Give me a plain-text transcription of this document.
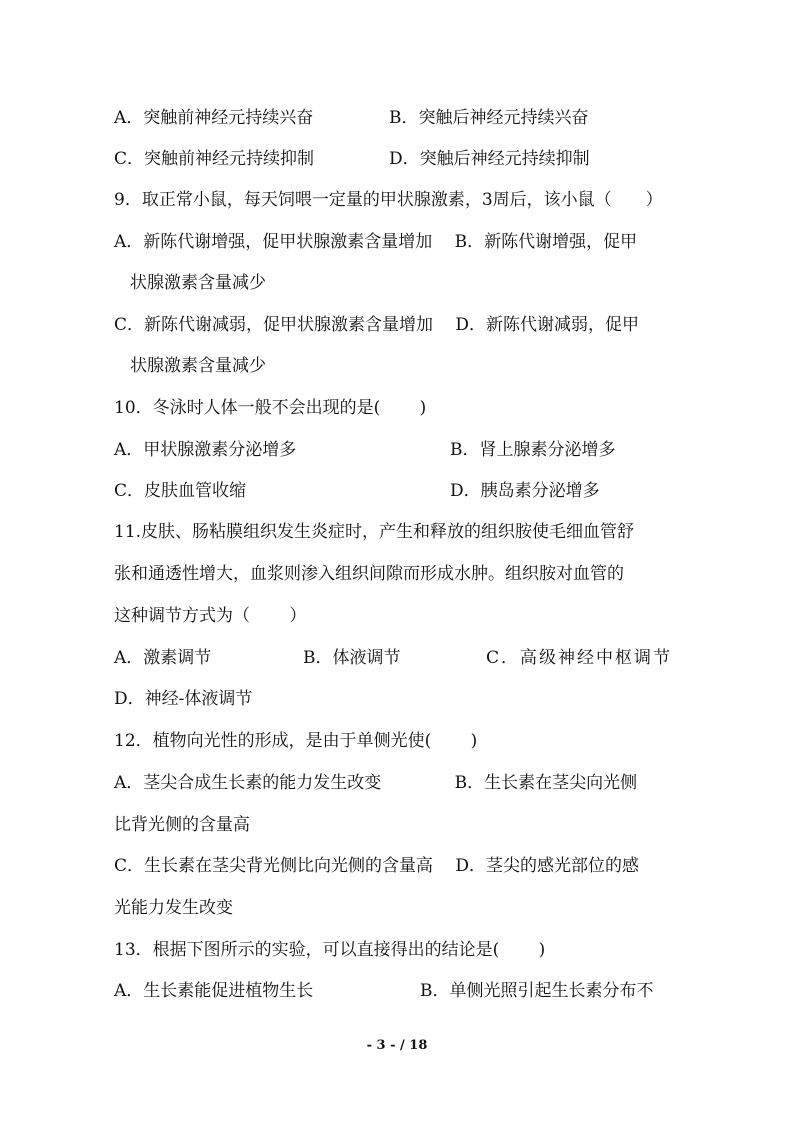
A．突触前神经元持续兴奋	B．突触后神经元持续兴奋
C．突触前神经元持续抑制	D．突触后神经元持续抑制
9．取正常小鼠，每天饲喂一定量的甲状腺激素，3周后，该小鼠（　　）
A．新陈代谢增强，促甲状腺激素含量增加　 B．新陈代谢增强，促甲
状腺激素含量减少
C．新陈代谢减弱，促甲状腺激素含量增加　 D．新陈代谢减弱，促甲
状腺激素含量减少
10．冬泳时人体一般不会出现的是(　　 )
A．甲状腺激素分泌增多	B．肾上腺素分泌增多
C．皮肤血管收缩	D．胰岛素分泌增多
11.皮肤、肠粘膜组织发生炎症时，产生和释放的组织胺使毛细血管舒
张和通透性增大，血浆则渗入组织间隙而形成水肿。组织胺对血管的
这种调节方式为（　　 ）
A．激素调节	B．体液调节	C．高级神经中枢调节
D．神经-体液调节
12．植物向光性的形成，是由于单侧光使(　　 )
A．茎尖合成生长素的能力发生改变　　　　 B．生长素在茎尖向光侧
比背光侧的含量高
C．生长素在茎尖背光侧比向光侧的含量高　 D．茎尖的感光部位的感
光能力发生改变
13．根据下图所示的实验，可以直接得出的结论是(　　 )
A．生长素能促进植物生长	B．单侧光照引起生长素分布不
- 3 - / 18
